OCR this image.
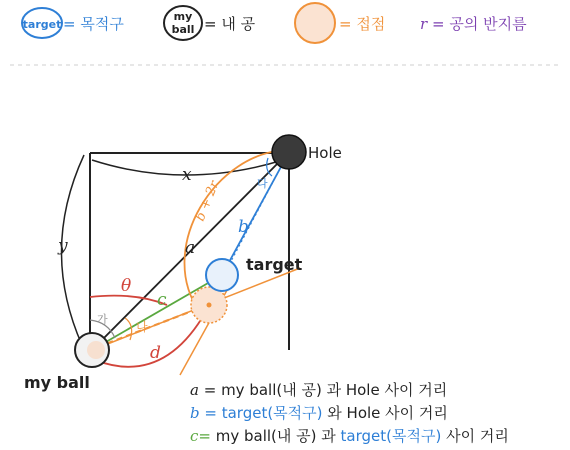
target = 목적구	my
ball = 내 공	= 접점 r = 공의 반지름
Hole
target
my ball
x
y	a
b
c
d
θ
b + 2r
가
나
다
a = my ball(내 공) 과 Hole 사이 거리
b = target(목적구) 와 Hole 사이 거리
c= my ball(내 공) 과 target(목적구) 사이 거리
